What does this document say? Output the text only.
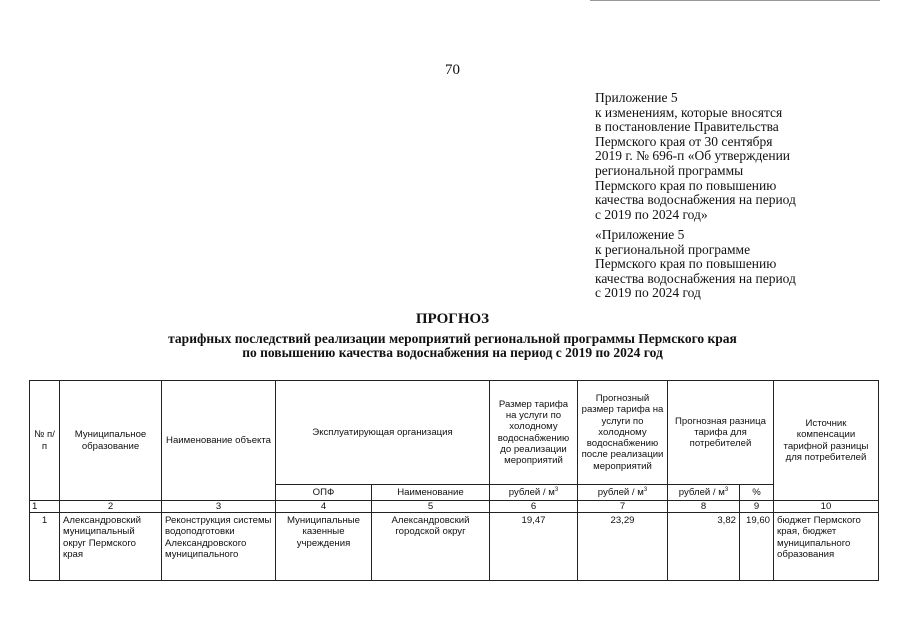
70
Приложение 5
к изменениям, которые вносятся
в постановление Правительства
Пермского края от 30 сентября
2019 г. № 696-п «Об утверждении
региональной программы
Пермского края по повышению
качества водоснабжения на период
с 2019 по 2024 год»
«Приложение 5
к региональной программе
Пермского края по повышению
качества водоснабжения на период
с 2019 по 2024 год
ПРОГНОЗ
тарифных последствий реализации мероприятий региональной программы Пермского края
по повышению качества водоснабжения на период с 2019 по 2024 год
№ п/п	Муниципальное образование	Наименование объекта	Эксплуатирующая организация		Размер тарифа на услуги по холодному водоснабжению до реализации мероприятий	Прогнозный размер тарифа на услуги по холодному водоснабжению после реализации мероприятий	Прогнозная разница тарифа для потребителей		Источник компенсации тарифной разницы для потребителей
			ОПФ	Наименование	рублей / $м^3$	рублей / $м^3$	рублей / $м^3$	%	
1	2	3	4	5	6	7	8	9	10
1	Александровский муниципальный округ Пермского края	Реконструкция системы водоподготовки Александровского муниципального	Муниципальные казенные учреждения	Александровский городской округ	19,47	23,29	3,82	19,60	бюджет Пермского края, бюджет муниципального образования
